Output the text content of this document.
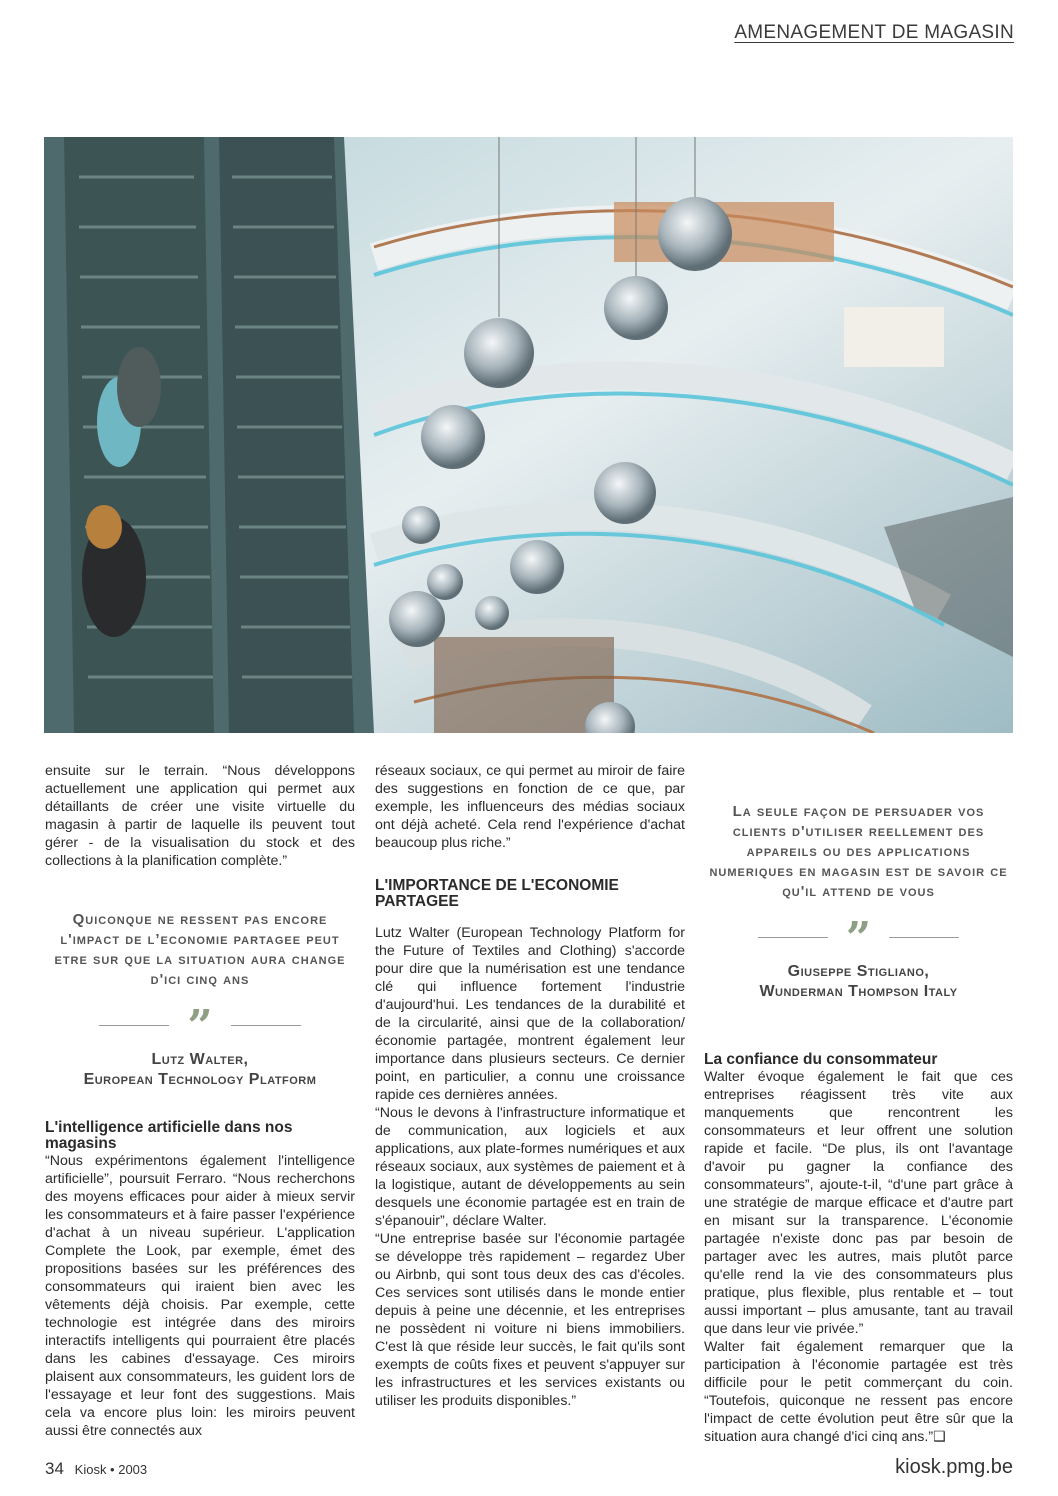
AMENAGEMENT DE MAGASIN

ensuite sur le terrain. “Nous développons actuellement une application qui permet aux détaillants de créer une visite virtuelle du magasin à partir de laquelle ils peuvent tout gérer - de la visualisation du stock et des collections à la planification complète.”

Quiconque ne ressent pas encore l'impact de l’economie partagee peut etre sur que la situation aura change d'ici cinq ans
”
Lutz Walter,
European Technology Platform
L'intelligence artificielle dans nos magasins

“Nous expérimentons également l'intelligence artificielle”, poursuit Ferraro. “Nous recherchons des moyens efficaces pour aider à mieux servir les consommateurs et à faire passer l'expérience d'achat à un niveau supérieur. L'application Complete the Look, par exemple, émet des propositions basées sur les préférences des consommateurs qui iraient bien avec les vêtements déjà choisis. Par exemple, cette technologie est intégrée dans des miroirs interactifs intelligents qui pourraient être placés dans les cabines d'essayage. Ces miroirs plaisent aux consommateurs, les guident lors de l'essayage et leur font des suggestions. Mais cela va encore plus loin: les miroirs peuvent aussi être connectés aux

réseaux sociaux, ce qui permet au miroir de faire des suggestions en fonction de ce que, par exemple, les influenceurs des médias sociaux ont déjà acheté. Cela rend l'expérience d'achat beaucoup plus riche.”

L'IMPORTANCE DE L'ECONOMIE PARTAGEE

Lutz Walter (European Technology Platform for the Future of Textiles and Clothing) s'accorde pour dire que la numérisation est une tendance clé qui influence fortement l'industrie d'aujourd'hui. Les tendances de la durabilité et de la circularité, ainsi que de la collaboration/économie partagée, montrent également leur importance dans plusieurs secteurs. Ce dernier point, en particulier, a connu une croissance rapide ces dernières années.

“Nous le devons à l'infrastructure informatique et de communication, aux logiciels et aux applications, aux plate-formes numériques et aux réseaux sociaux, aux systèmes de paiement et à la logistique, autant de développements au sein desquels une économie partagée est en train de s'épanouir”, déclare Walter.

“Une entreprise basée sur l'économie partagée se développe très rapidement – regardez Uber ou Airbnb, qui sont tous deux des cas d'écoles. Ces services sont utilisés dans le monde entier depuis à peine une décennie, et les entreprises ne possèdent ni voiture ni biens immobiliers. C'est là que réside leur succès, le fait qu'ils sont exempts de coûts fixes et peuvent s'appuyer sur les infrastructures et les services existants ou utiliser les produits disponibles.”

La seule façon de persuader vos clients d'utiliser reellement des appareils ou des applications numeriques en magasin est de savoir ce qu'il attend de vous
”
Giuseppe Stigliano,
Wunderman Thompson Italy
La confiance du consommateur

Walter évoque également le fait que ces entreprises réagissent très vite aux manquements que rencontrent les consommateurs et leur offrent une solution rapide et facile. “De plus, ils ont l'avantage d'avoir pu gagner la confiance des consommateurs”, ajoute-t-il, “d'une part grâce à une stratégie de marque efficace et d'autre part en misant sur la transparence. L'économie partagée n'existe donc pas par besoin de partager avec les autres, mais plutôt parce qu'elle rend la vie des consommateurs plus pratique, plus flexible, plus rentable et – tout aussi important – plus amusante, tant au travail que dans leur vie privée.”

Walter fait également remarquer que la participation à l'économie partagée est très difficile pour le petit commerçant du coin. “Toutefois, quiconque ne ressent pas encore l'impact de cette évolution peut être sûr que la situation aura changé d'ici cinq ans.”❑

34 Kiosk • 2003	kiosk.pmg.be
